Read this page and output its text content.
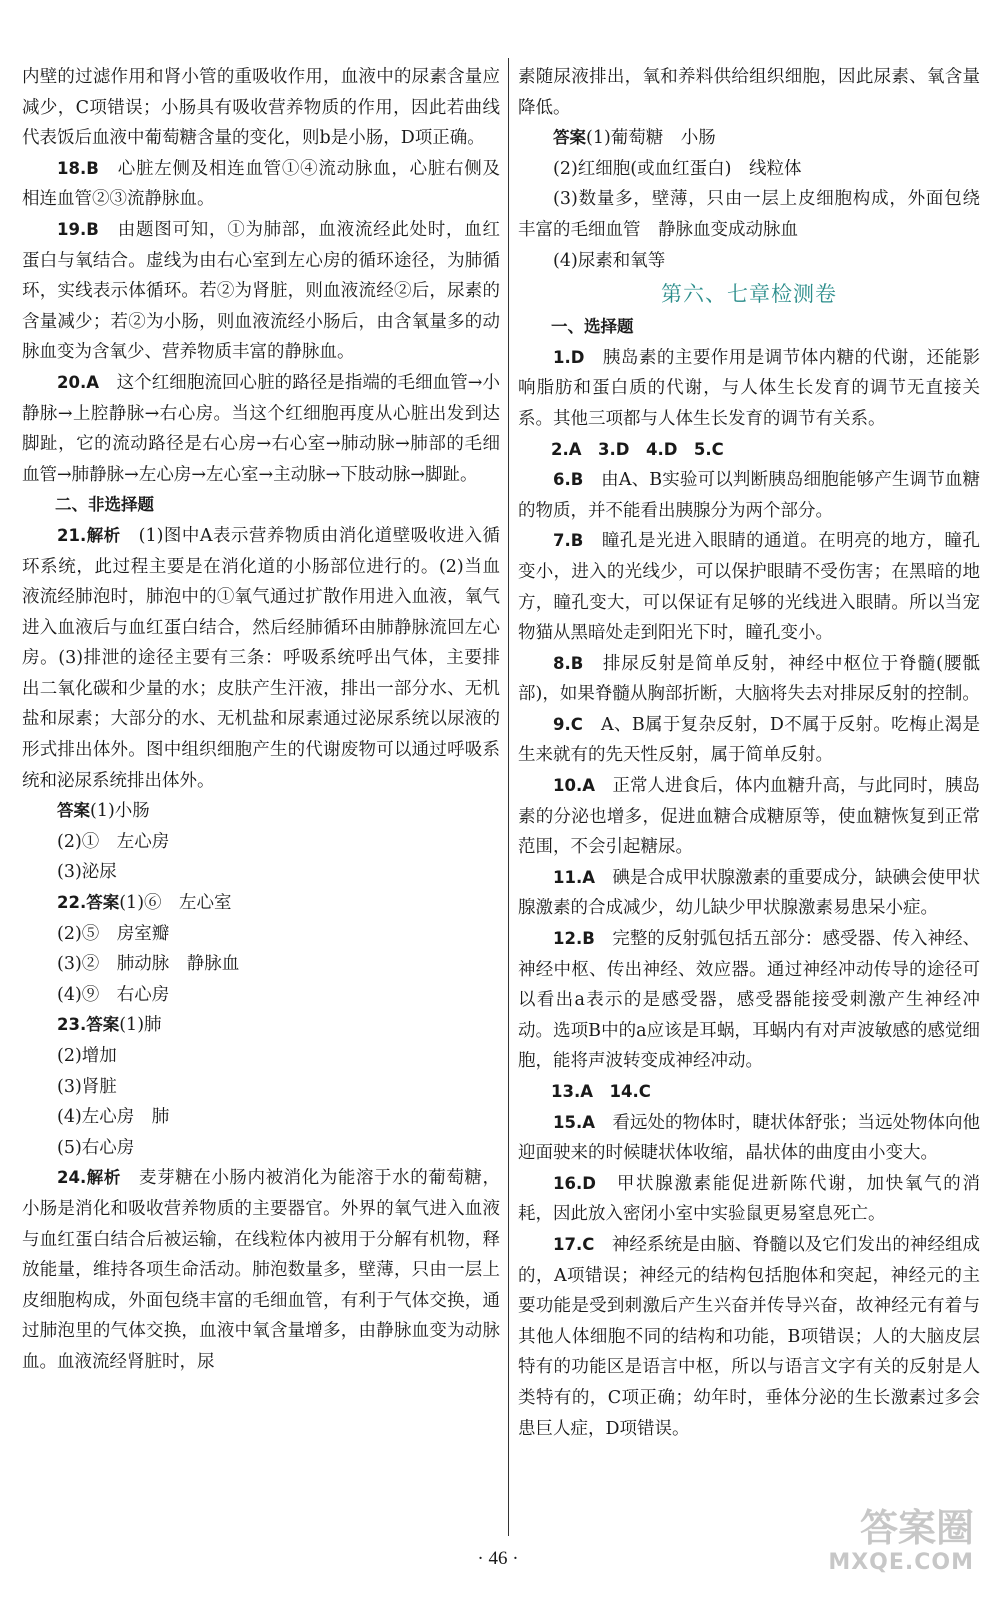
内壁的过滤作用和肾小管的重吸收作用，血液中的尿素含量应减少，C项错误；小肠具有吸收营养物质的作用，因此若曲线代表饭后血液中葡萄糖含量的变化，则b是小肠，D项正确。

18.B　 心脏左侧及相连血管①④流动脉血，心脏右侧及相连血管②③流静脉血。

19.B　 由题图可知，①为肺部，血液流经此处时，血红蛋白与氧结合。虚线为由右心室到左心房的循环途径，为肺循环，实线表示体循环。若②为肾脏，则血液流经②后，尿素的含量减少；若②为小肠，则血液流经小肠后，由含氧量多的动脉血变为含氧少、营养物质丰富的静脉血。

20.A　 这个红细胞流回心脏的路径是指端的毛细血管→小静脉→上腔静脉→右心房。当这个红细胞再度从心脏出发到达脚趾，它的流动路径是右心房→右心室→肺动脉→肺部的毛细血管→肺静脉→左心房→左心室→主动脉→下肢动脉→脚趾。

二、非选择题

21.解析　 (1)图中A表示营养物质由消化道壁吸收进入循环系统，此过程主要是在消化道的小肠部位进行的。(2)当血液流经肺泡时，肺泡中的①氧气通过扩散作用进入血液，氧气进入血液后与血红蛋白结合，然后经肺循环由肺静脉流回左心房。(3)排泄的途径主要有三条：呼吸系统呼出气体，主要排出二氧化碳和少量的水；皮肤产生汗液，排出一部分水、无机盐和尿素；大部分的水、无机盐和尿素通过泌尿系统以尿液的形式排出体外。图中组织细胞产生的代谢废物可以通过呼吸系统和泌尿系统排出体外。

答案(1)小肠

(2)①　左心房

(3)泌尿

22.答案(1)⑥　左心室

(2)⑤　房室瓣

(3)②　肺动脉　静脉血

(4)⑨　右心房

23.答案(1)肺

(2)增加

(3)肾脏

(4)左心房　肺

(5)右心房

24.解析　 麦芽糖在小肠内被消化为能溶于水的葡萄糖，小肠是消化和吸收营养物质的主要器官。外界的氧气进入血液与血红蛋白结合后被运输，在线粒体内被用于分解有机物，释放能量，维持各项生命活动。肺泡数量多，壁薄，只由一层上皮细胞构成，外面包绕丰富的毛细血管，有利于气体交换，通过肺泡里的气体交换，血液中氧含量增多，由静脉血变为动脉血。血液流经肾脏时，尿

素随尿液排出，氧和养料供给组织细胞，因此尿素、氧含量降低。

答案(1)葡萄糖　小肠

(2)红细胞(或血红蛋白)　线粒体

(3)数量多，壁薄，只由一层上皮细胞构成，外面包绕丰富的毛细血管　静脉血变成动脉血

(4)尿素和氧等

第六、七章检测卷

一、选择题

1.D　 胰岛素的主要作用是调节体内糖的代谢，还能影响脂肪和蛋白质的代谢，与人体生长发育的调节无直接关系。其他三项都与人体生长发育的调节有关系。

2.A　3.D　4.D　5.C

6.B　 由A、B实验可以判断胰岛细胞能够产生调节血糖的物质，并不能看出胰腺分为两个部分。

7.B　 瞳孔是光进入眼睛的通道。在明亮的地方，瞳孔变小，进入的光线少，可以保护眼睛不受伤害；在黑暗的地方，瞳孔变大，可以保证有足够的光线进入眼睛。所以当宠物猫从黑暗处走到阳光下时，瞳孔变小。

8.B　 排尿反射是简单反射，神经中枢位于脊髓(腰骶部)，如果脊髓从胸部折断，大脑将失去对排尿反射的控制。

9.C　 A、B属于复杂反射，D不属于反射。吃梅止渴是生来就有的先天性反射，属于简单反射。

10.A　 正常人进食后，体内血糖升高，与此同时，胰岛素的分泌也增多，促进血糖合成糖原等，使血糖恢复到正常范围，不会引起糖尿。

11.A　 碘是合成甲状腺激素的重要成分，缺碘会使甲状腺激素的合成减少，幼儿缺少甲状腺激素易患呆小症。

12.B　 完整的反射弧包括五部分：感受器、传入神经、神经中枢、传出神经、效应器。通过神经冲动传导的途径可以看出a表示的是感受器，感受器能接受刺激产生神经冲动。选项B中的a应该是耳蜗，耳蜗内有对声波敏感的感觉细胞，能将声波转变成神经冲动。

13.A　14.C

15.A　 看远处的物体时，睫状体舒张；当远处物体向他迎面驶来的时候睫状体收缩，晶状体的曲度由小变大。

16.D　 甲状腺激素能促进新陈代谢，加快氧气的消耗，因此放入密闭小室中实验鼠更易窒息死亡。

17.C　 神经系统是由脑、脊髓以及它们发出的神经组成的，A项错误；神经元的结构包括胞体和突起，神经元的主要功能是受到刺激后产生兴奋并传导兴奋，故神经元有着与其他人体细胞不同的结构和功能，B项错误；人的大脑皮层特有的功能区是语言中枢，所以与语言文字有关的反射是人类特有的，C项正确；幼年时，垂体分泌的生长激素过多会患巨人症，D项错误。

· 46 ·
答案圈
MXQE.COM
